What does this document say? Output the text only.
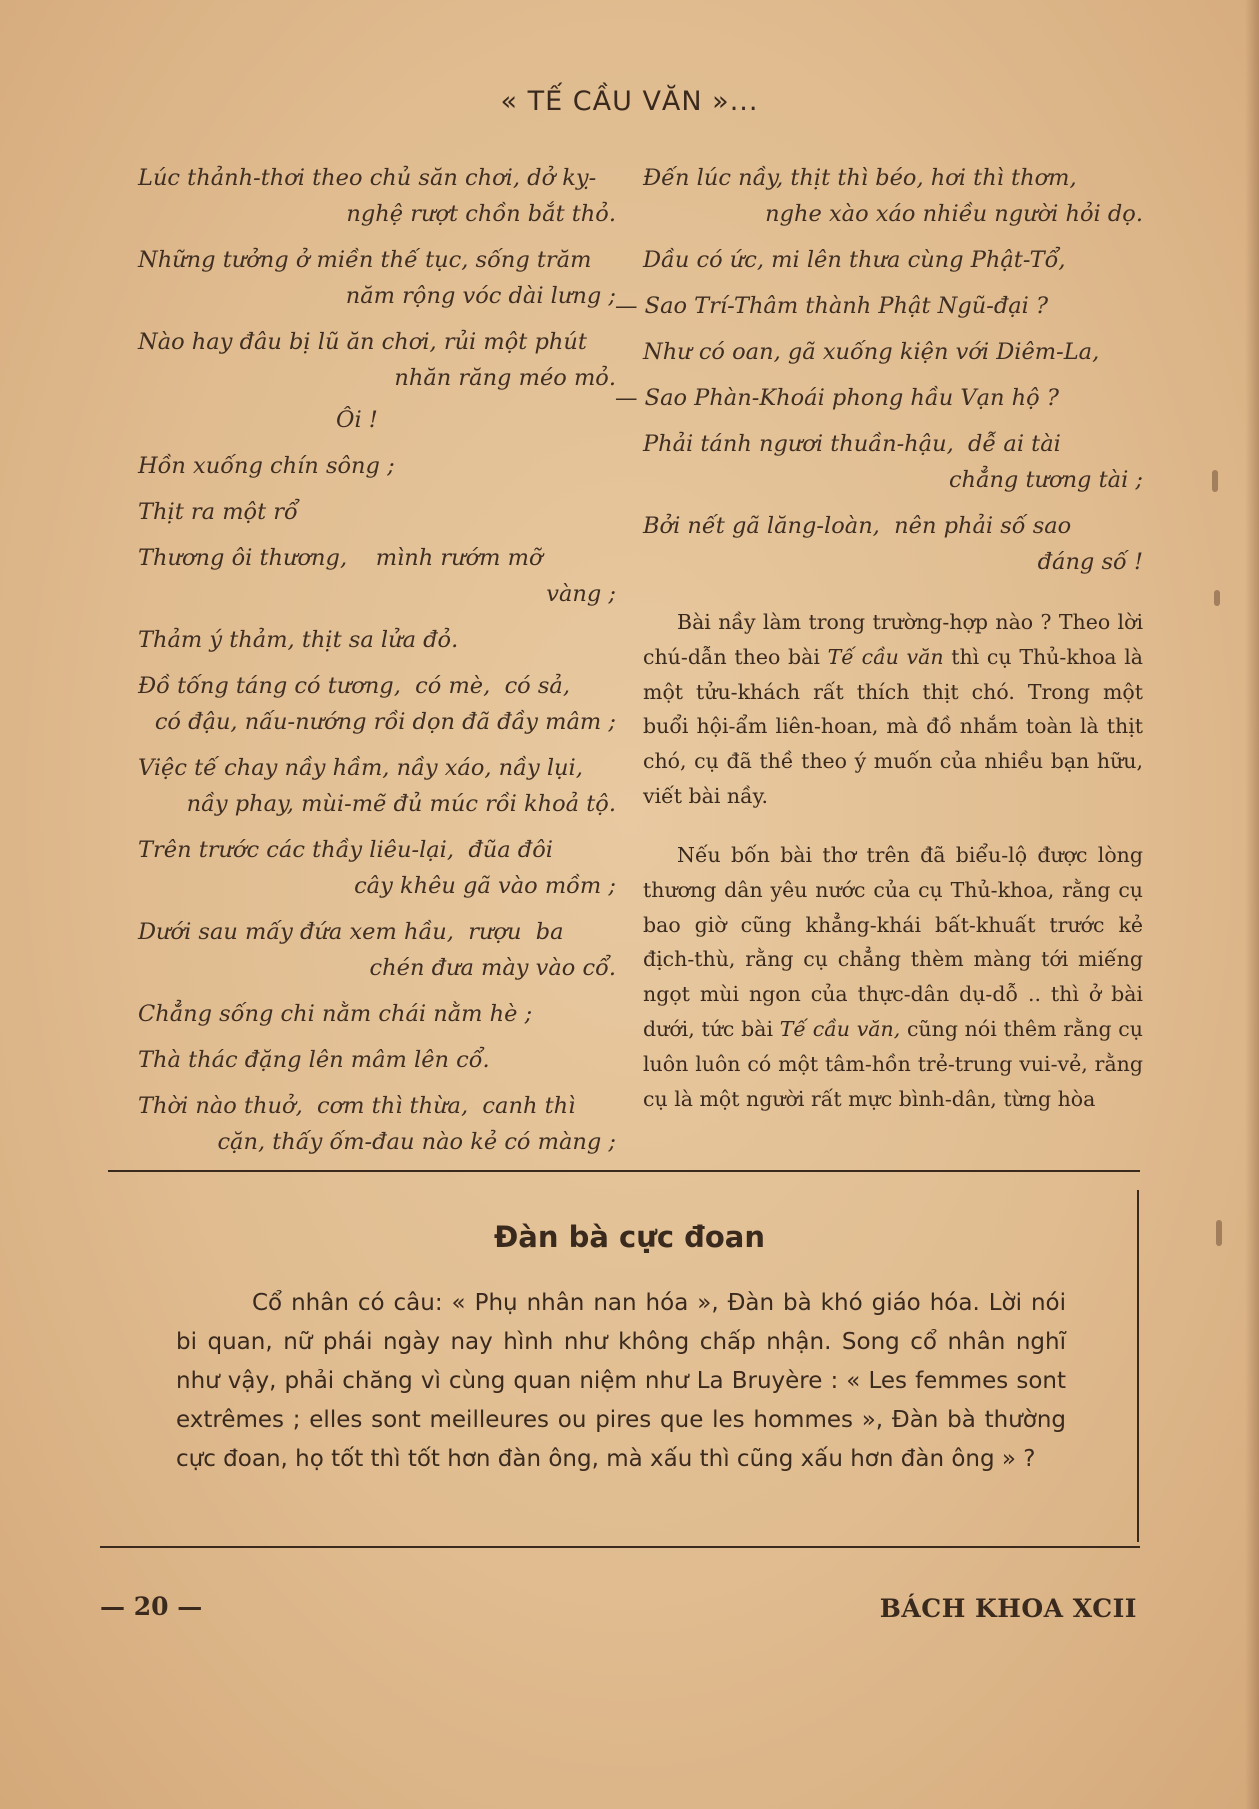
« TẾ CẦU VĂN »...

Lúc thảnh-thơi theo chủ săn chơi, dở kỵ-
nghệ rượt chồn bắt thỏ.

Những tưởng ở miền thế tục, sống trăm
năm rộng vóc dài lưng ;

Nào hay đâu bị lũ ăn chơi, rủi một phút
nhăn răng méo mỏ.

Ôi !

Hồn xuống chín sông ;

Thịt ra một rổ

Thương ôi thương,    mình rướm mỡ
vàng ;

Thảm ý thảm, thịt sa lửa đỏ.

Đồ tống táng có tương,  có mè,  có sả,
có đậu, nấu-nướng rồi dọn đã đầy mâm ;

Việc tế chay nầy hầm, nầy xáo, nầy lụi,
nầy phay, mùi-mẽ đủ múc rồi khoả tộ.

Trên trước các thầy liêu-lại,  đũa đôi
cây khêu gã vào mồm ;

Dưới sau mấy đứa xem hầu,  rượu  ba
chén đưa mày vào cổ.

Chẳng sống chi nằm chái nằm hè ;

Thà thác đặng lên mâm lên cổ.

Thời nào thuở,  cơm thì thừa,  canh thì
cặn, thấy ốm-đau nào kẻ có màng ;

Đến lúc nầy, thịt thì béo, hơi thì thơm,
nghe xào xáo nhiều người hỏi dọ.

Dầu có ức, mi lên thưa cùng Phật-Tổ,

— Sao Trí-Thâm thành Phật Ngũ-đại ?

Như có oan, gã xuống kiện với Diêm-La,

— Sao Phàn-Khoái phong hầu Vạn hộ ?

Phải tánh ngươi thuần-hậu,  dễ ai tài
chẳng tương tài ;

Bởi nết gã lăng-loàn,  nên phải số sao
đáng số !

Bài nầy làm trong trường-hợp nào ? Theo lời chú-dẫn theo bài Tế cầu văn thì cụ Thủ-khoa là một tửu-khách rất thích thịt chó. Trong một buổi hội-ẩm liên-hoan, mà đồ nhắm toàn là thịt chó, cụ đã thề theo ý muốn của nhiều bạn hữu, viết bài nầy.

Nếu bốn bài thơ trên đã biểu-lộ được lòng thương dân yêu nước của cụ Thủ-khoa, rằng cụ bao giờ cũng khẳng-khái bất-khuất trước kẻ địch-thù, rằng cụ chẳng thèm màng tới miếng ngọt mùi ngon của thực-dân dụ-dỗ .. thì ở bài dưới, tức bài Tế cầu văn, cũng nói thêm rằng cụ luôn luôn có một tâm-hồn trẻ-trung vui-vẻ, rằng cụ là một người rất mực bình-dân, từng hòa

Đàn bà cực đoan

Cổ nhân có câu: « Phụ nhân nan hóa », Đàn bà khó giáo hóa. Lời nói bi quan, nữ phái ngày nay hình như không chấp nhận. Song cổ nhân nghĩ như vậy, phải chăng vì cùng quan niệm như La Bruyère : « Les femmes sont extrêmes ; elles sont meilleures ou pires que les hommes », Đàn bà thường cực đoan, họ tốt thì tốt hơn đàn ông, mà xấu thì cũng xấu hơn đàn ông » ?

— 20 —	BÁCH KHOA XCII
